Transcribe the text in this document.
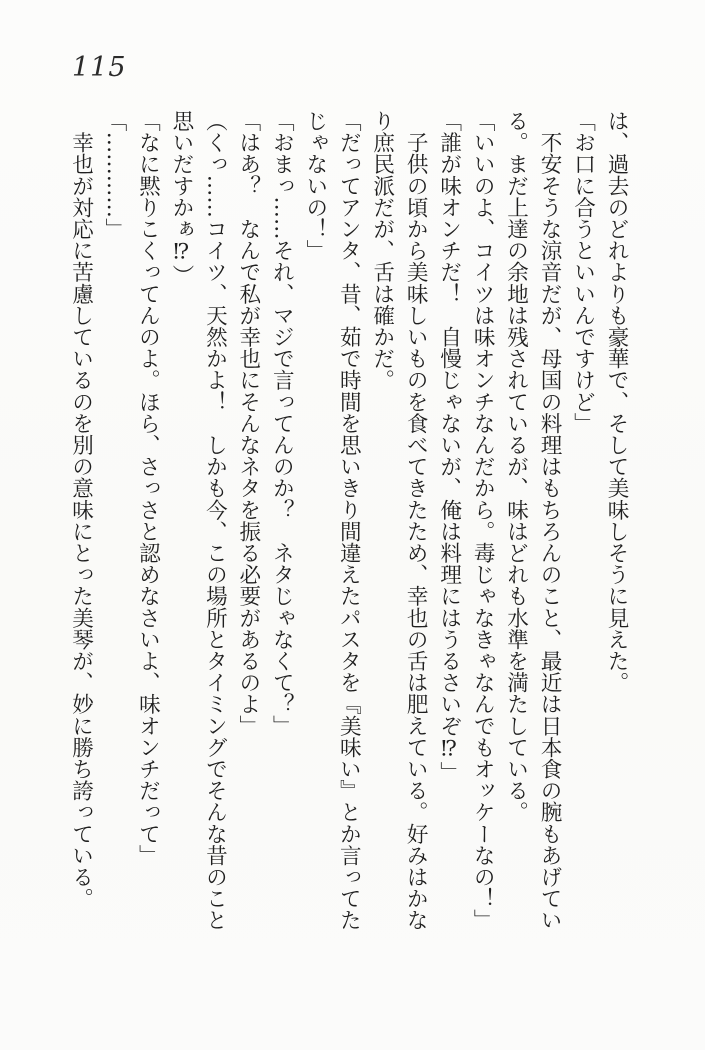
115

は、過去のどれよりも豪華で、そして美味しそうに見えた。

「お口に合うといいんですけど」

　不安そうな涼音だが、母国の料理はもちろんのこと、最近は日本食の腕もあげてい

る。まだ上達の余地は残されているが、味はどれも水準を満たしている。

「いいのよ、コイツは味オンチなんだから。毒じゃなきゃなんでもオッケーなの！」

「誰が味オンチだ！　自慢じゃないが、俺は料理にはうるさいぞ⁉」

　子供の頃から美味しいものを食べてきたため、幸也の舌は肥えている。好みはかな

り庶民派だが、舌は確かだ。

「だってアンタ、昔、茹で時間を思いきり間違えたパスタを『美味い』とか言ってた

じゃないの！」

「おまっ……それ、マジで言ってんのか？　ネタじゃなくて？」

「はあ？　なんで私が幸也にそんなネタを振る必要があるのよ」

（くっ……コイツ、天然かよ！　しかも今、この場所とタイミングでそんな昔のこと

思いだすかぁ⁉）

「なに黙りこくってんのよ。ほら、さっさと認めなさいよ、味オンチだって」

「…………」

　幸也が対応に苦慮しているのを別の意味にとった美琴が、妙に勝ち誇っている。
